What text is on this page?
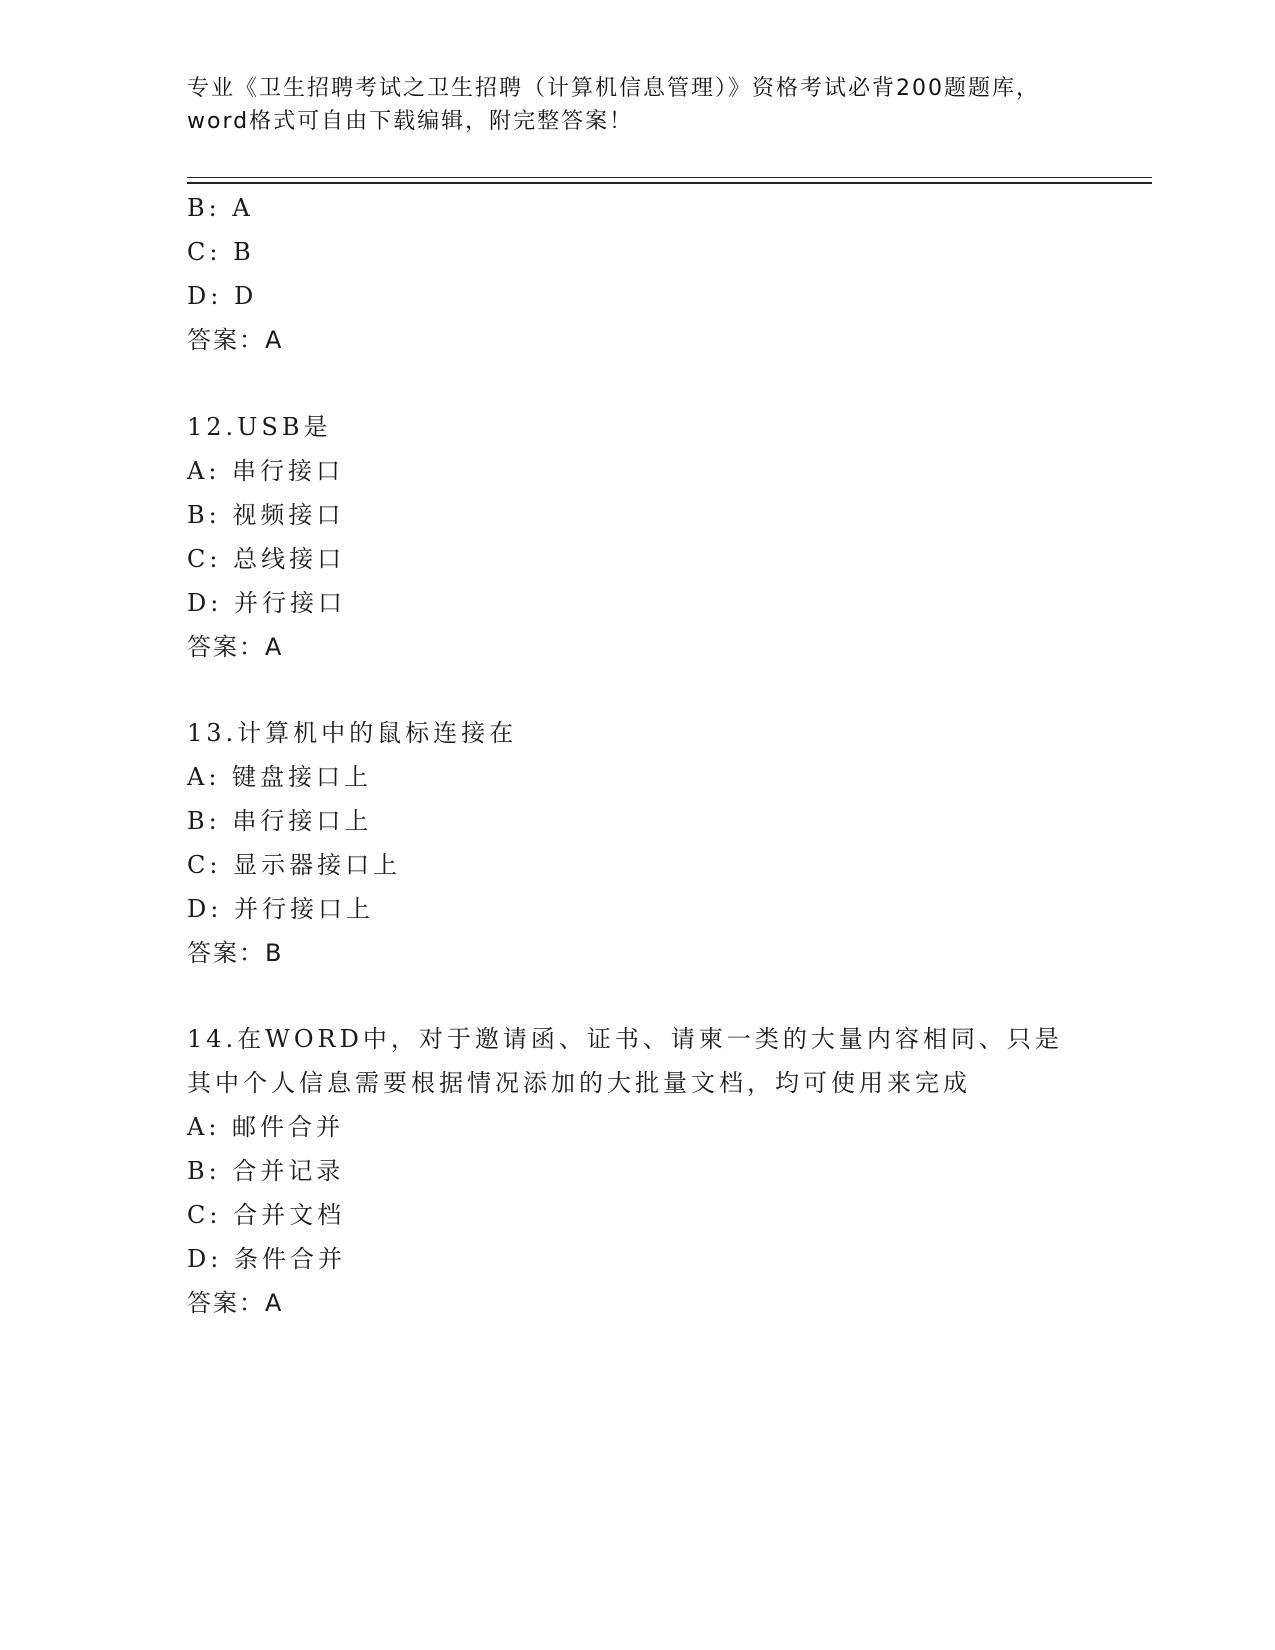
专业《卫生招聘考试之卫生招聘（计算机信息管理）》资格考试必背200题题库，
word格式可自由下载编辑，附完整答案！
B: A
C: B
D: D
答案：A
12.USB是
A: 串行接口
B: 视频接口
C: 总线接口
D: 并行接口
答案：A
13.计算机中的鼠标连接在
A: 键盘接口上
B: 串行接口上
C: 显示器接口上
D: 并行接口上
答案：B
14.在WORD中，对于邀请函、证书、请柬一类的大量内容相同、只是
其中个人信息需要根据情况添加的大批量文档，均可使用来完成
A: 邮件合并
B: 合并记录
C: 合并文档
D: 条件合并
答案：A
